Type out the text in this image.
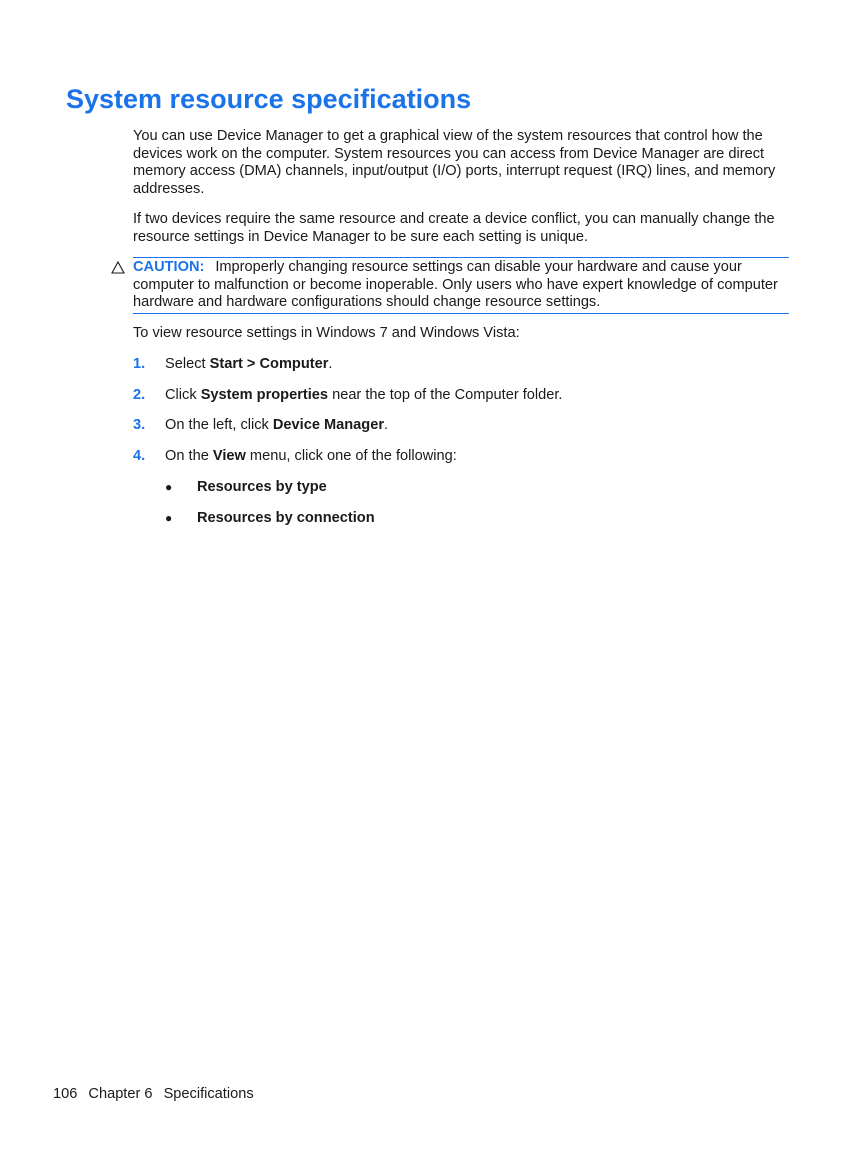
System resource specifications

You can use Device Manager to get a graphical view of the system resources that control how the devices work on the computer. System resources you can access from Device Manager are direct memory access (DMA) channels, input/output (I/O) ports, interrupt request (IRQ) lines, and memory addresses.

If two devices require the same resource and create a device conflict, you can manually change the resource settings in Device Manager to be sure each setting is unique.

CAUTION: Improperly changing resource settings can disable your hardware and cause your computer to malfunction or become inoperable. Only users who have expert knowledge of computer hardware and hardware configurations should change resource settings.

To view resource settings in Windows 7 and Windows Vista:

1. Select Start > Computer.
2. Click System properties near the top of the Computer folder.
3. On the left, click Device Manager.
4. On the View menu, click one of the following:
● Resources by type
● Resources by connection
106 Chapter 6 Specifications
